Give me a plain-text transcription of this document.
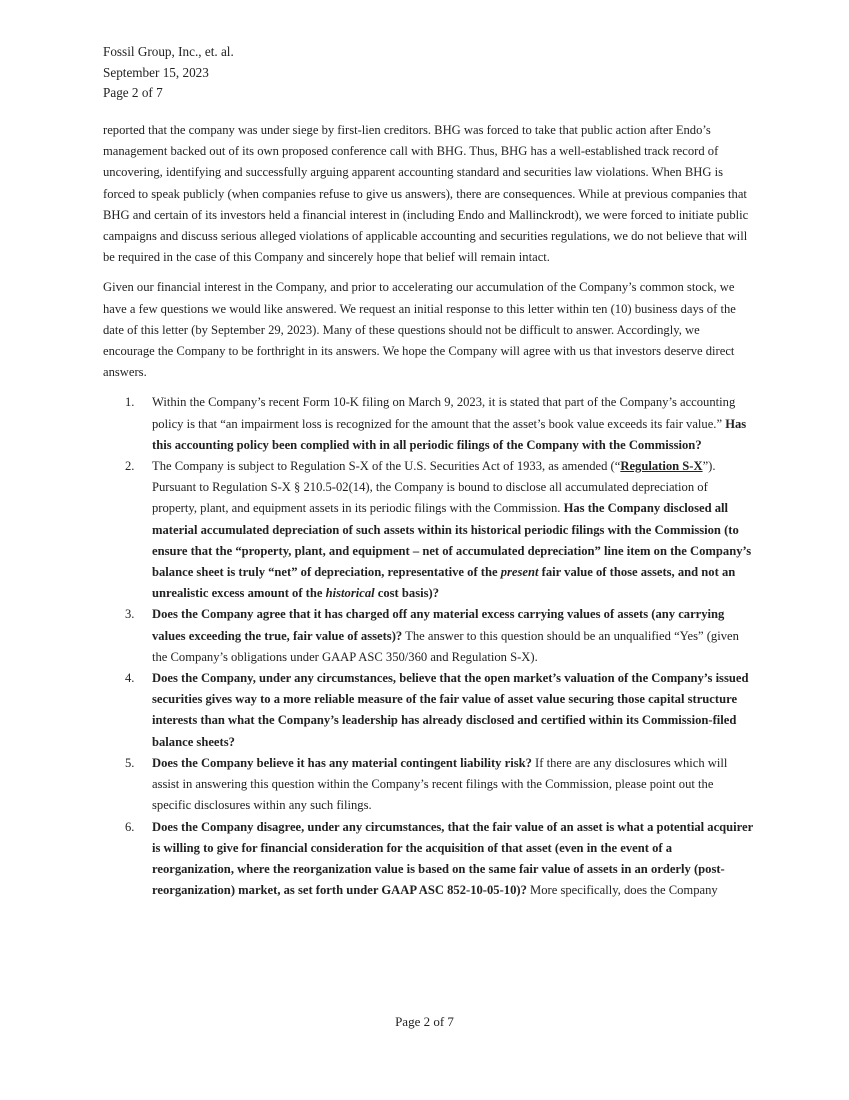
Fossil Group, Inc., et. al.
September 15, 2023
Page 2 of 7

reported that the company was under siege by first-lien creditors. BHG was forced to take that public action after Endo’s management backed out of its own proposed conference call with BHG. Thus, BHG has a well-established track record of uncovering, identifying and successfully arguing apparent accounting standard and securities law violations. When BHG is forced to speak publicly (when companies refuse to give us answers), there are consequences. While at previous companies that BHG and certain of its investors held a financial interest in (including Endo and Mallinckrodt), we were forced to initiate public campaigns and discuss serious alleged violations of applicable accounting and securities regulations, we do not believe that will be required in the case of this Company and sincerely hope that belief will remain intact.

Given our financial interest in the Company, and prior to accelerating our accumulation of the Company’s common stock, we have a few questions we would like answered. We request an initial response to this letter within ten (10) business days of the date of this letter (by September 29, 2023). Many of these questions should not be difficult to answer. Accordingly, we encourage the Company to be forthright in its answers. We hope the Company will agree with us that investors deserve direct answers.

1. Within the Company’s recent Form 10-K filing on March 9, 2023, it is stated that part of the Company’s accounting policy is that “an impairment loss is recognized for the amount that the asset’s book value exceeds its fair value.” Has this accounting policy been complied with in all periodic filings of the Company with the Commission?
2. The Company is subject to Regulation S-X of the U.S. Securities Act of 1933, as amended (“Regulation S-X”). Pursuant to Regulation S-X § 210.5-02(14), the Company is bound to disclose all accumulated depreciation of property, plant, and equipment assets in its periodic filings with the Commission. Has the Company disclosed all material accumulated depreciation of such assets within its historical periodic filings with the Commission (to ensure that the “property, plant, and equipment – net of accumulated depreciation” line item on the Company’s balance sheet is truly “net” of depreciation, representative of the present fair value of those assets, and not an unrealistic excess amount of the historical cost basis)?
3. Does the Company agree that it has charged off any material excess carrying values of assets (any carrying values exceeding the true, fair value of assets)? The answer to this question should be an unqualified “Yes” (given the Company’s obligations under GAAP ASC 350/360 and Regulation S-X).
4. Does the Company, under any circumstances, believe that the open market’s valuation of the Company’s issued securities gives way to a more reliable measure of the fair value of asset value securing those capital structure interests than what the Company’s leadership has already disclosed and certified within its Commission-filed balance sheets?
5. Does the Company believe it has any material contingent liability risk? If there are any disclosures which will assist in answering this question within the Company’s recent filings with the Commission, please point out the specific disclosures within any such filings.
6. Does the Company disagree, under any circumstances, that the fair value of an asset is what a potential acquirer is willing to give for financial consideration for the acquisition of that asset (even in the event of a reorganization, where the reorganization value is based on the same fair value of assets in an orderly (post-reorganization) market, as set forth under GAAP ASC 852-10-05-10)? More specifically, does the Company
Page 2 of 7
